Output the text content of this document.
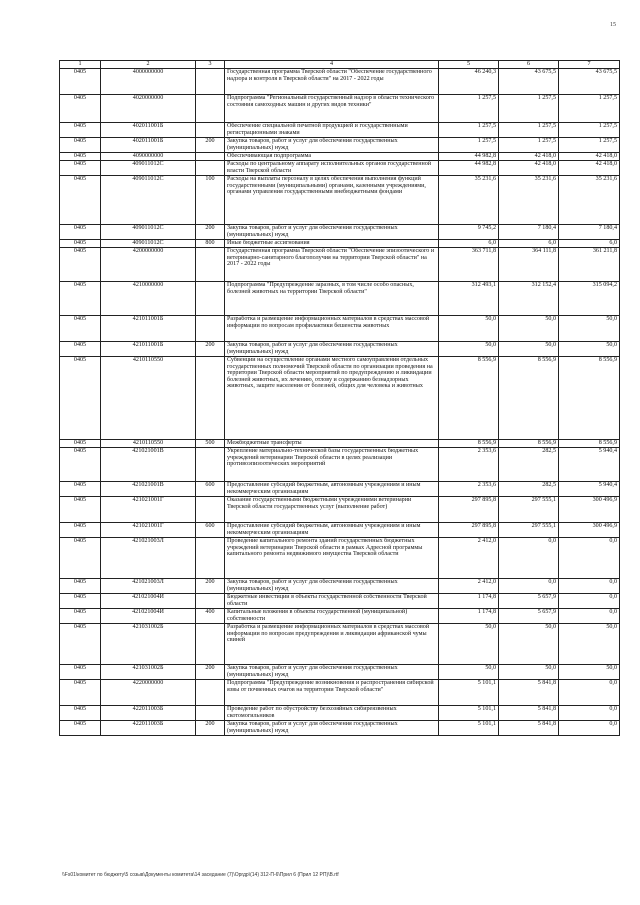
15
1	2	3	4	5	6	7
0405	4000000000		Государственная программа Тверской области "Обеспечение государственного надзора и контроля в Тверской области" на 2017 - 2022 годы	46 240,3	43 675,5	43 675,5
0405	4020000000		Подпрограмма "Региональный государственный надзор в области технического состояния самоходных машин и других видов техники"	1 257,5	1 257,5	1 257,5
0405	402011001Б		Обеспечение специальной печатной продукцией и государственными регистрационными знаками	1 257,5	1 257,5	1 257,5
0405	402011001Б	200	Закупка товаров, работ и услуг для обеспечения государственных (муниципальных) нужд	1 257,5	1 257,5	1 257,5
0405	4090000000		Обеспечивающая подпрограмма	44 982,8	42 418,0	42 418,0
0405	409011012С		Расходы по центральному аппарату исполнительных органов государственной власти Тверской области	44 982,8	42 418,0	42 418,0
0405	409011012С	100	Расходы на выплаты персоналу в целях обеспечения выполнения функций государственными (муниципальными) органами, казенными учреждениями, органами управления государственными внебюджетными фондами	35 231,6	35 231,6	35 231,6
0405	409011012С	200	Закупка товаров, работ и услуг для обеспечения государственных (муниципальных) нужд	9 745,2	7 180,4	7 180,4
0405	409011012С	800	Иные бюджетные ассигнования	6,0	6,0	6,0
0405	4200000000		Государственная программа Тверской области "Обеспечение эпизоотического и ветеринарно-санитарного благополучия на территории Тверской области" на 2017 - 2022 годы	363 711,8	364 111,8	361 211,8
0405	4210000000		Подпрограмма "Предупреждение заразных, в том числе особо опасных, болезней животных на территории Тверской области"	312 493,1	312 152,4	315 094,2
0405	421011001Б		Разработка и размещение информационных материалов в средствах массовой информации по вопросам профилактики бешенства животных	50,0	50,0	50,0
0405	421011001Б	200	Закупка товаров, работ и услуг для обеспечения государственных (муниципальных) нужд	50,0	50,0	50,0
0405	4210110550		Субвенции на осуществление органами местного самоуправления отдельных государственных полномочий Тверской области по организации проведения на территории Тверской области мероприятий по предупреждению и ликвидации болезней животных, их лечению, отлову и содержанию безнадзорных животных, защите населения от болезней, общих для человека и животных	8 556,9	8 556,9	8 556,9
0405	4210110550	500	Межбюджетные трансферты	8 556,9	8 556,9	8 556,9
0405	421021001В		Укрепление материально-технической базы государственных бюджетных учреждений ветеринарии Тверской области в целях реализации противоэпизоотических мероприятий	2 353,6	282,5	5 940,4
0405	421021001В	600	Предоставление субсидий бюджетным, автономным учреждениям и иным некоммерческим организациям	2 353,6	282,5	5 940,4
0405	421021001Г		Оказание государственными бюджетными учреждениями ветеринарии Тверской области государственных услуг (выполнение работ)	297 895,8	297 555,1	300 496,9
0405	421021001Г	600	Предоставление субсидий бюджетным, автономным учреждениям и иным некоммерческим организациям	297 895,8	297 555,1	300 496,9
0405	421021003Л		Проведение капитального ремонта зданий государственных бюджетных учреждений ветеринарии Тверской области в рамках Адресной программы капитального ремонта недвижимого имущества Тверской области	2 412,0	0,0	0,0
0405	421021003Л	200	Закупка товаров, работ и услуг для обеспечения государственных (муниципальных) нужд	2 412,0	0,0	0,0
0405	421021004И		Бюджетные инвестиции в объекты государственной собственности Тверской области	1 174,8	5 657,9	0,0
0405	421021004И	400	Капитальные вложения в объекты государственной (муниципальной) собственности	1 174,8	5 657,9	0,0
0405	421031002Б		Разработка и размещение информационных материалов в средствах массовой информации по вопросам предупреждения и ликвидации африканской чумы свиней	50,0	50,0	50,0
0405	421031002Б	200	Закупка товаров, работ и услуг для обеспечения государственных (муниципальных) нужд	50,0	50,0	50,0
0405	4220000000		Подпрограмма "Предупреждение возникновения и распространения сибирской язвы от почвенных очагов на территории Тверской области"	5 101,1	5 841,8	0,0
0405	422011003Б		Проведение работ по обустройству безхозяйных сибиреязвенных скотомогильников	5 101,1	5 841,8	0,0
0405	422011003Б	200	Закупка товаров, работ и услуг для обеспечения государственных (муниципальных) нужд	5 101,1	5 841,8	0,0
\\Fs01\комитет по бюджету\5 созыв\Документы комитета\14 заседание (7)\Оргдр\(14) 312-П-6\Прил 6 (Прил 12 РП)\В.rtf
